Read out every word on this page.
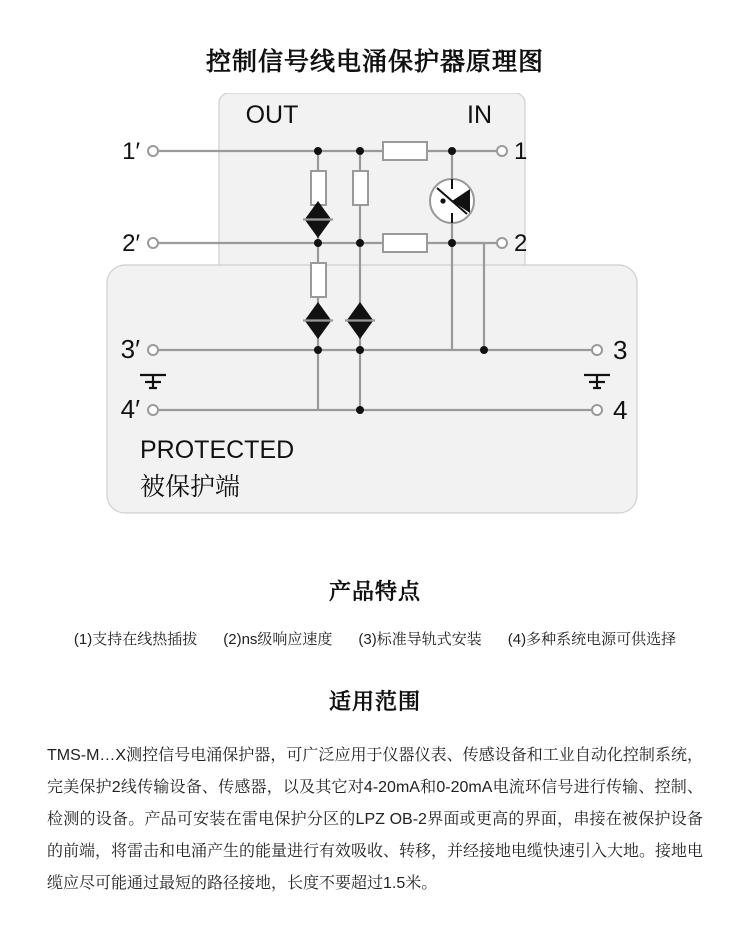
控制信号线电涌保护器原理图
OUT	IN
1′
2′
3′
4′
1
2
3
4
PROTECTED
被保护端
产品特点
(1)支持在线热插拔 (2)ns级响应速度 (3)标准导轨式安装 (4)多种系统电源可供选择
适用范围

TMS-M…X测控信号电涌保护器，可广泛应用于仪器仪表、传感设备和工业自动化控制系统，完美保护2线传输设备、传感器，以及其它对4-20mA和0-20mA电流环信号进行传输、控制、检测的设备。产品可安装在雷电保护分区的LPZ OB-2界面或更高的界面，串接在被保护设备的前端，将雷击和电涌产生的能量进行有效吸收、转移，并经接地电缆快速引入大地。接地电缆应尽可能通过最短的路径接地，长度不要超过1.5米。
